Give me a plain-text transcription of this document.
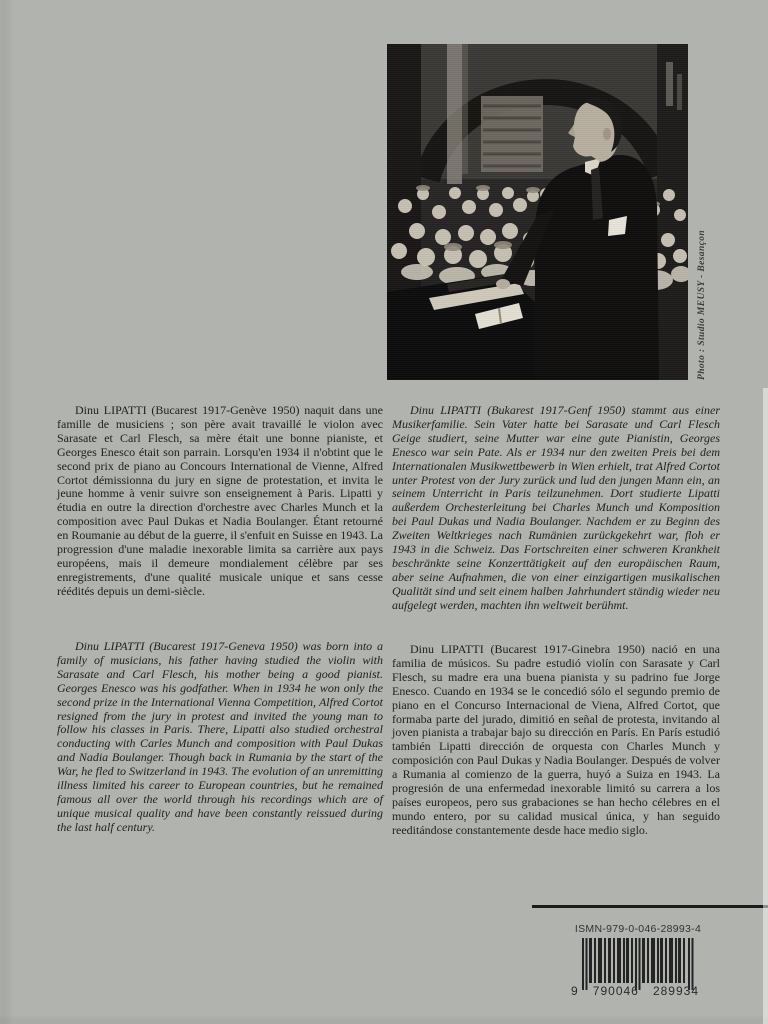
Photo : Studio MEUSY - Besançon

Dinu LIPATTI (Bucarest 1917-Genève 1950) naquit dans une famille de musiciens ; son père avait travaillé le violon avec Sarasate et Carl Flesch, sa mère était une bonne pianiste, et Georges Enesco était son parrain. Lorsqu'en 1934 il n'obtint que le second prix de piano au Concours International de Vienne, Alfred Cortot démissionna du jury en signe de protestation, et invita le jeune homme à venir suivre son enseignement à Paris. Lipatti y étudia en outre la direction d'orchestre avec Charles Munch et la composition avec Paul Dukas et Nadia Boulanger. Étant retourné en Roumanie au début de la guerre, il s'enfuit en Suisse en 1943. La progression d'une maladie inexorable limita sa carrière aux pays européens, mais il demeure mondialement célèbre par ses enregistrements, d'une qualité musicale unique et sans cesse réédités depuis un demi-siècle.

Dinu LIPATTI (Bucarest 1917-Geneva 1950) was born into a family of musicians, his father having studied the violin with Sarasate and Carl Flesch, his mother being a good pianist. Georges Enesco was his godfather. When in 1934 he won only the second prize in the International Vienna Competition, Alfred Cortot resigned from the jury in protest and invited the young man to follow his classes in Paris. There, Lipatti also studied orchestral conducting with Carles Munch and composition with Paul Dukas and Nadia Boulanger. Though back in Rumania by the start of the War, he fled to Switzerland in 1943. The evolution of an unremitting illness limited his career to European countries, but he remained famous all over the world through his recordings which are of unique musical quality and have been constantly reissued during the last half century.

Dinu LIPATTI (Bukarest 1917-Genf 1950) stammt aus einer Musikerfamilie. Sein Vater hatte bei Sarasate und Carl Flesch Geige studiert, seine Mutter war eine gute Pianistin, Georges Enesco war sein Pate. Als er 1934 nur den zweiten Preis bei dem Internationalen Musikwettbewerb in Wien erhielt, trat Alfred Cortot unter Protest von der Jury zurück und lud den jungen Mann ein, an seinem Unterricht in Paris teilzunehmen. Dort studierte Lipatti außerdem Orchesterleitung bei Charles Munch und Komposition bei Paul Dukas und Nadia Boulanger. Nachdem er zu Beginn des Zweiten Weltkrieges nach Rumänien zurückgekehrt war, floh er 1943 in die Schweiz. Das Fortschreiten einer schweren Krankheit beschränkte seine Konzerttätigkeit auf den europäischen Raum, aber seine Aufnahmen, die von einer einzigartigen musikalischen Qualität sind und seit einem halben Jahrhundert ständig wieder neu aufgelegt werden, machten ihn weltweit berühmt.

Dinu LIPATTI (Bucarest 1917-Ginebra 1950) nació en una familia de músicos. Su padre estudió violín con Sarasate y Carl Flesch, su madre era una buena pianista y su padrino fue Jorge Enesco. Cuando en 1934 se le concedió sólo el segundo premio de piano en el Concurso Internacional de Viena, Alfred Cortot, que formaba parte del jurado, dimitió en señal de protesta, invitando al joven pianista a trabajar bajo su dirección en París. En París estudió también Lipatti dirección de orquesta con Charles Munch y composición con Paul Dukas y Nadia Boulanger. Después de volver a Rumania al comienzo de la guerra, huyó a Suiza en 1943. La progresión de una enfermedad inexorable limitó su carrera a los países europeos, pero sus grabaciones se han hecho célebres en el mundo entero, por su calidad musical única, y han seguido reeditándose constantemente desde hace medio siglo.

ISMN-979-0-046-28993-4
9 790046 289934
